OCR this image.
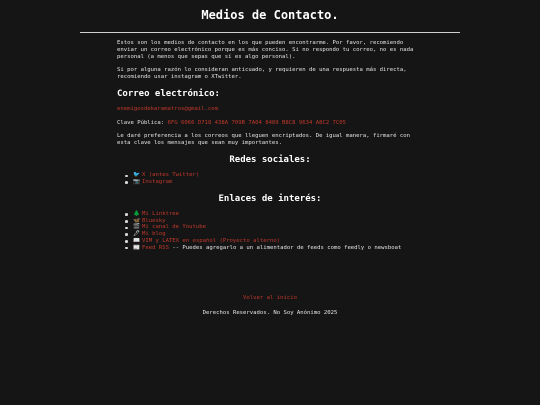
Medios de Contacto.

Estos son los medios de contacto en los que pueden encontrarme. Por favor, recomiendo enviar un correo electrónico porque es más conciso. Si no respondo tu correo, no es nada personal (a menos que sepas que sí es algo personal).

Si por alguna razón lo consideran anticuado, y requieren de una respuesta más directa, recomiendo usar instagram o XTwitter.

Correo electrónico:

enemigosdekaramatros@gmail.com

Clave Pública: 6FG 6066 D718 438A 709B 7A04 8489 B8C8 9634 A8C2 7C05

Le daré preferencia a los correos que lleguen encriptados. De igual manera, firmaré con esta clave los mensajes que sean muy importantes.

Redes sociales:
🐦 X (antes Twitter)
📷 Instagram
Enlaces de interés:
🌲 Mi Linktree
🦋 Bluesky
🎬 Mi canal de Youtube
🖊 Mi blog
📖 VIM y LATEX en español (Proyecto alterno)
📰 Feed RSS -- Puedes agregarlo a un alimentador de feeds como feedly o newsboat

Volver al inicio

Derechos Reservados. No Soy Anónimo 2025
